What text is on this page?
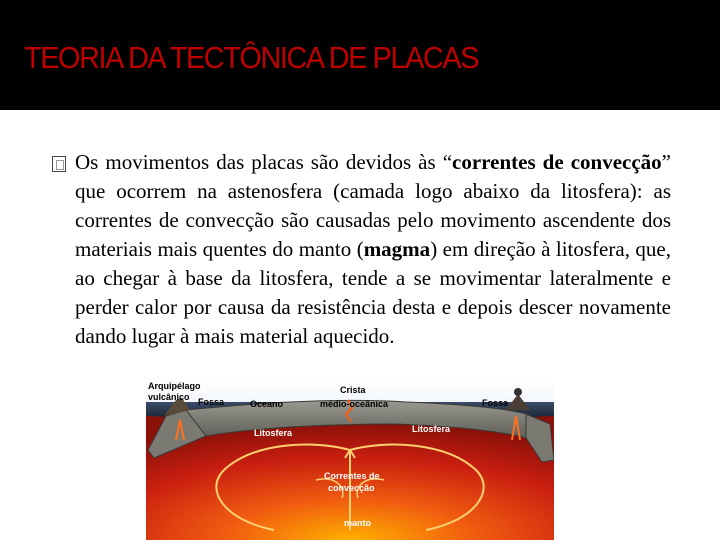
TEORIA DA TECTÔNICA DE PLACAS

Os movimentos das placas são devidos às “correntes de convecção” que ocorrem na astenosfera (camada logo abaixo da litosfera): as correntes de convecção são causadas pelo movimento ascendente dos materiais mais quentes do manto (magma) em direção à litosfera, que, ao chegar à base da litosfera, tende a se movimentar lateralmente e perder calor por causa da resistência desta e depois descer novamente dando lugar à mais material aquecido.

Arquipélago
vulcânico Fossa	Oceano
Crista
médio-oceânica	Fossa
Litosfera	Litosfera
Correntes de
convecção
manto
